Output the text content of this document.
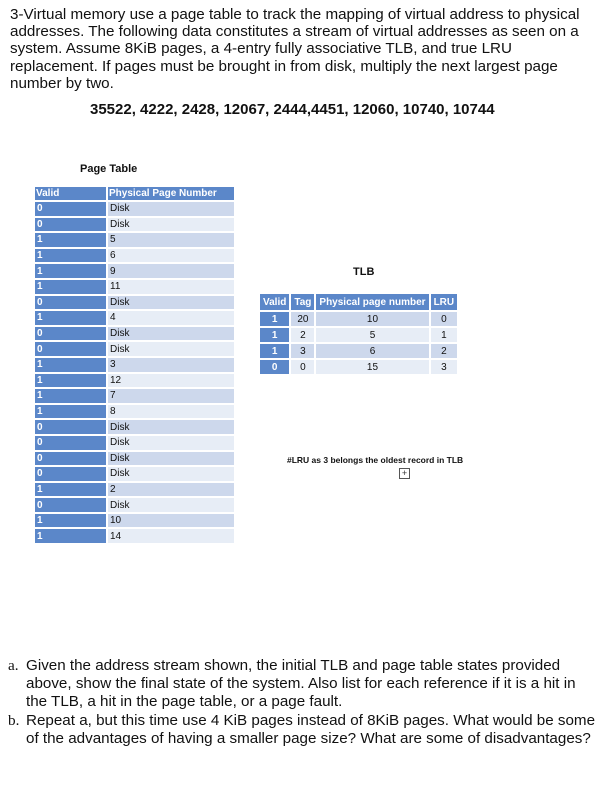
3-Virtual memory use a page table to track the mapping of virtual address to physical addresses. The following data constitutes a stream of virtual addresses as seen on a system. Assume 8KiB pages, a 4-entry fully associative TLB, and true LRU replacement. If pages must be brought in from disk, multiply the next largest page number by two.
35522, 4222, 2428, 12067, 2444,4451, 12060, 10740, 10744
Page Table
Valid	Physical Page Number
0	Disk
0	Disk
1	5
1	6
1	9
1	11
0	Disk
1	4
0	Disk
0	Disk
1	3
1	12
1	7
1	8
0	Disk
0	Disk
0	Disk
0	Disk
1	2
0	Disk
1	10
1	14
TLB
Valid	Tag	Physical page number	LRU
1	20	10	0
1	2	5	1
1	3	6	2
0	0	15	3
#LRU as 3 belongs the oldest record in TLB
+
a. Given the address stream shown, the initial TLB and page table states provided above, show the final state of the system. Also list for each reference if it is a hit in the TLB, a hit in the page table, or a page fault.
b. Repeat a, but this time use 4 KiB pages instead of 8KiB pages. What would be some of the advantages of having a smaller page size? What are some of disadvantages?
